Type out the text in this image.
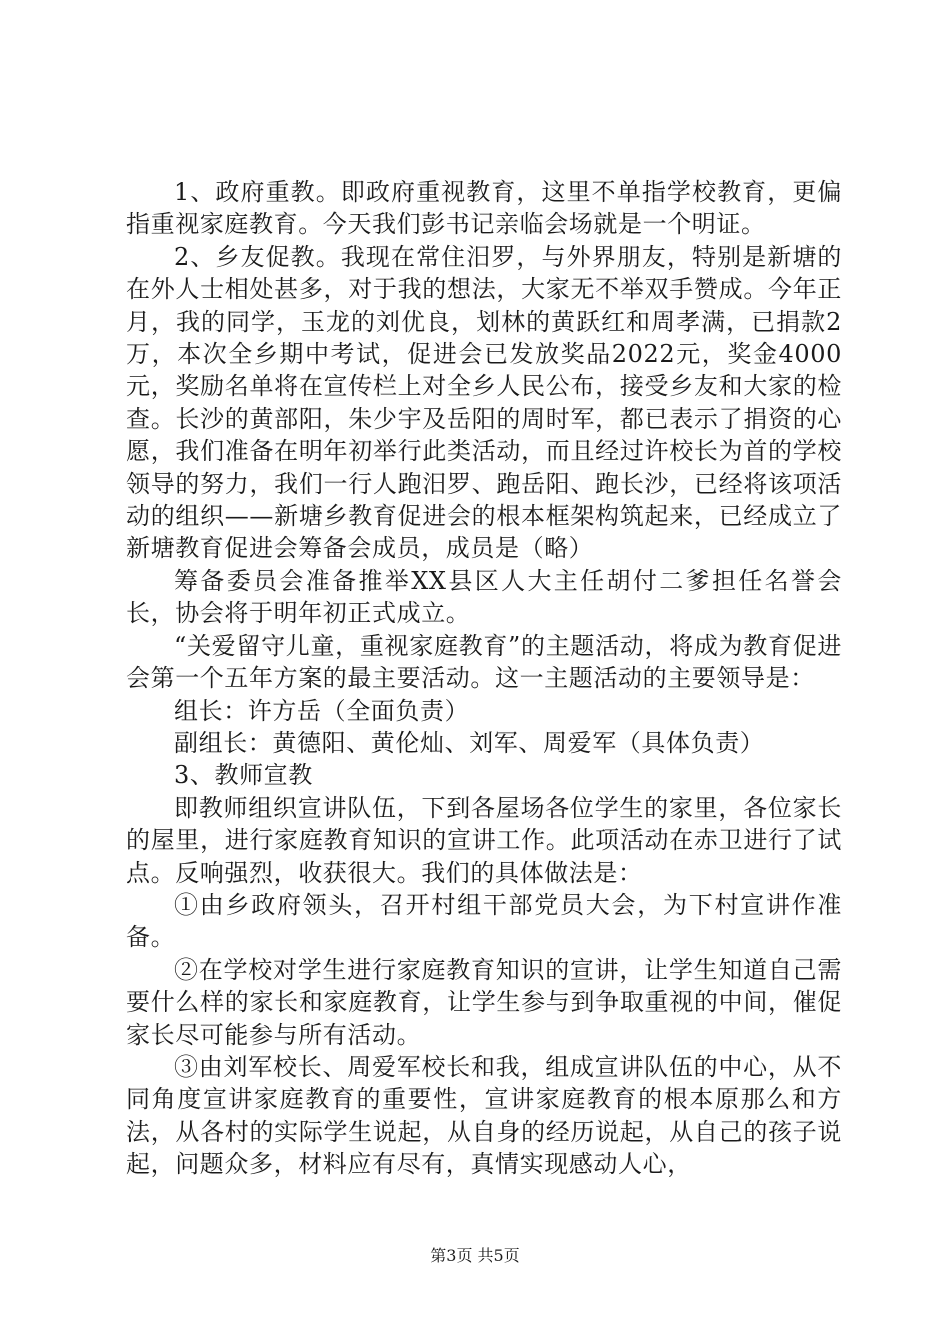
1、政府重教。即政府重视教育，这里不单指学校教育，更偏指重视家庭教育。今天我们彭书记亲临会场就是一个明证。

2、乡友促教。我现在常住汨罗，与外界朋友，特别是新塘的在外人士相处甚多，对于我的想法，大家无不举双手赞成。今年正月，我的同学，玉龙的刘优良，划林的黄跃红和周孝满，已捐款2万，本次全乡期中考试，促进会已发放奖品2022元，奖金4000元，奖励名单将在宣传栏上对全乡人民公布，接受乡友和大家的检查。长沙的黄部阳，朱少宇及岳阳的周时军，都已表示了捐资的心愿，我们准备在明年初举行此类活动，而且经过许校长为首的学校领导的努力，我们一行人跑汨罗、跑岳阳、跑长沙，已经将该项活动的组织——新塘乡教育促进会的根本框架构筑起来，已经成立了新塘教育促进会筹备会成员，成员是（略）

筹备委员会准备推举XX县区人大主任胡付二爹担任名誉会长，协会将于明年初正式成立。

“关爱留守儿童，重视家庭教育”的主题活动，将成为教育促进会第一个五年方案的最主要活动。这一主题活动的主要领导是：

组长：许方岳（全面负责）

副组长：黄德阳、黄伦灿、刘军、周爱军（具体负责）

3、教师宣教

即教师组织宣讲队伍，下到各屋场各位学生的家里，各位家长的屋里，进行家庭教育知识的宣讲工作。此项活动在赤卫进行了试点。反响强烈，收获很大。我们的具体做法是：

①由乡政府领头，召开村组干部党员大会，为下村宣讲作准备。

②在学校对学生进行家庭教育知识的宣讲，让学生知道自己需要什么样的家长和家庭教育，让学生参与到争取重视的中间，催促家长尽可能参与所有活动。

③由刘军校长、周爱军校长和我，组成宣讲队伍的中心，从不同角度宣讲家庭教育的重要性，宣讲家庭教育的根本原那么和方法，从各村的实际学生说起，从自身的经历说起，从自己的孩子说起，问题众多，材料应有尽有，真情实现感动人心，

第3页 共5页
